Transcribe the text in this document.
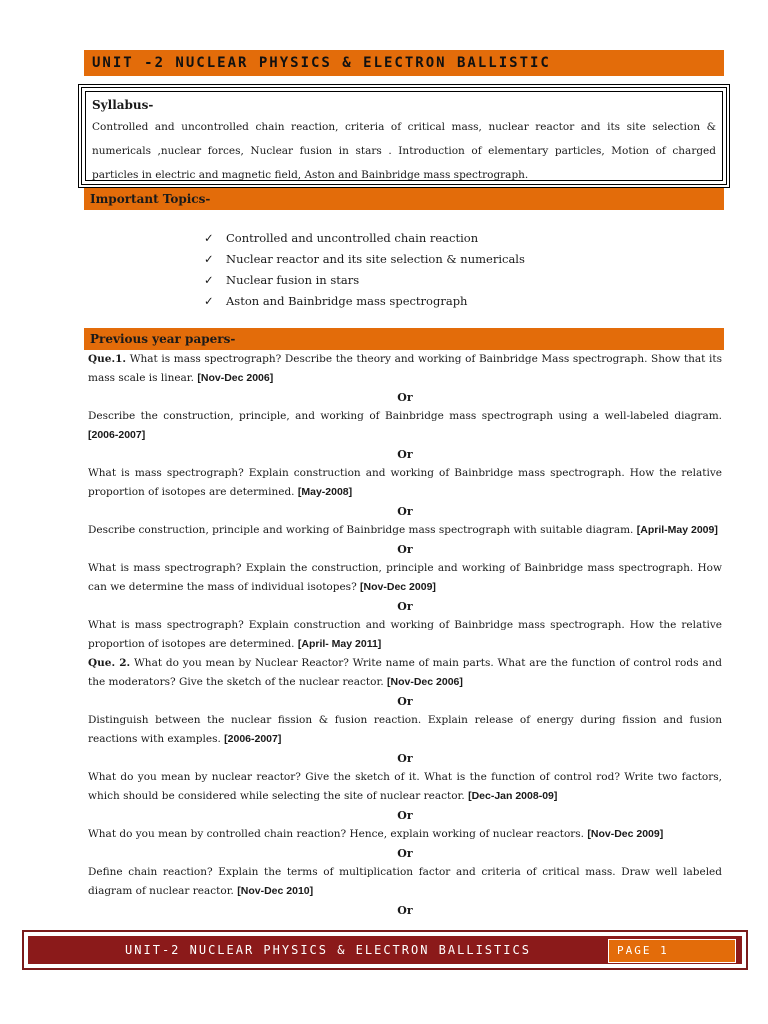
UNIT -2 NUCLEAR PHYSICS & ELECTRON BALLISTIC
Syllabus-
Controlled and uncontrolled chain reaction, criteria of critical mass, nuclear reactor and its site selection & numericals ,nuclear forces, Nuclear fusion in stars . Introduction of elementary particles, Motion of charged particles in electric and magnetic field, Aston and Bainbridge mass spectrograph.
Important Topics-
✓ Controlled and uncontrolled chain reaction
✓ Nuclear reactor and its site selection & numericals
✓ Nuclear fusion in stars
✓ Aston and Bainbridge mass spectrograph
Previous year papers-
Que.1. What is mass spectrograph? Describe the theory and working of Bainbridge Mass spectrograph. Show that its mass scale is linear. [Nov-Dec 2006]
Or
Describe the construction, principle, and working of Bainbridge mass spectrograph using a well-labeled diagram. [2006-2007]
Or
What is mass spectrograph? Explain construction and working of Bainbridge mass spectrograph. How the relative proportion of isotopes are determined. [May-2008]
Or
Describe construction, principle and working of Bainbridge mass spectrograph with suitable diagram. [April-May 2009]
Or
What is mass spectrograph? Explain the construction, principle and working of Bainbridge mass spectrograph. How can we determine the mass of individual isotopes? [Nov-Dec 2009]
Or
What is mass spectrograph? Explain construction and working of Bainbridge mass spectrograph. How the relative proportion of isotopes are determined. [April- May 2011]
Que. 2. What do you mean by Nuclear Reactor? Write name of main parts. What are the function of control rods and the moderators? Give the sketch of the nuclear reactor. [Nov-Dec 2006]
Or
Distinguish between the nuclear fission & fusion reaction. Explain release of energy during fission and fusion reactions with examples. [2006-2007]
Or
What do you mean by nuclear reactor? Give the sketch of it. What is the function of control rod? Write two factors, which should be considered while selecting the site of nuclear reactor. [Dec-Jan 2008-09]
Or
What do you mean by controlled chain reaction? Hence, explain working of nuclear reactors. [Nov-Dec 2009]
Or
Define chain reaction? Explain the terms of multiplication factor and criteria of critical mass. Draw well labeled diagram of nuclear reactor. [Nov-Dec 2010]
Or
UNIT-2 NUCLEAR PHYSICS & ELECTRON BALLISTICS	PAGE 1
